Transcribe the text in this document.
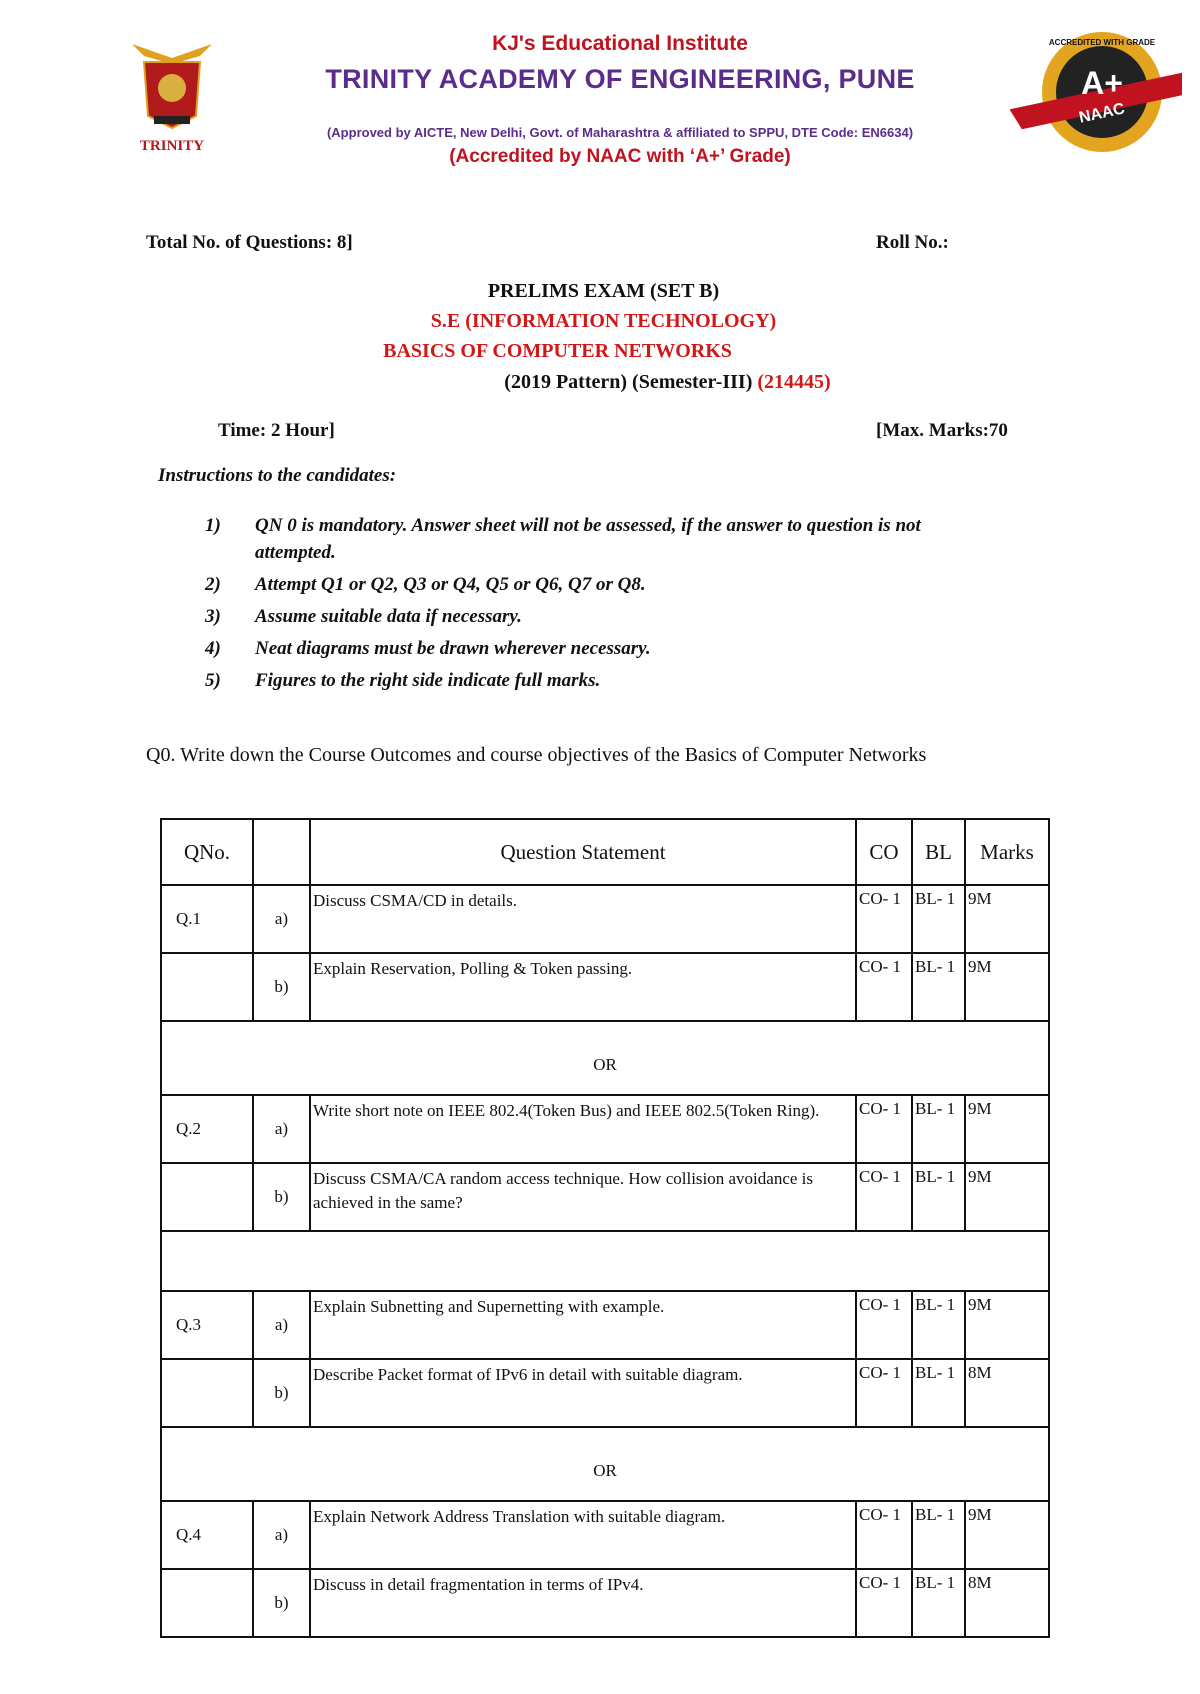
TRINITY
KJ's Educational Institute
TRINITY ACADEMY OF ENGINEERING, PUNE
(Approved by AICTE, New Delhi, Govt. of Maharashtra & affiliated to SPPU, DTE Code: EN6634)
(Accredited by NAAC with ‘A+’ Grade)
A+
NAAC
ACCREDITED WITH GRADE
Total No. of Questions: 8]	Roll No.:
PRELIMS EXAM (SET B)
S.E (INFORMATION TECHNOLOGY)
BASICS OF COMPUTER NETWORKS
(2019 Pattern) (Semester-III) (214445)
Time: 2 Hour]	[Max. Marks:70
Instructions to the candidates:
1)	QN 0 is mandatory. Answer sheet will not be assessed, if the answer to question is not attempted.
2)	Attempt Q1 or Q2, Q3 or Q4, Q5 or Q6, Q7 or Q8.
3)	Assume suitable data if necessary.
4)	Neat diagrams must be drawn wherever necessary.
5)	Figures to the right side indicate full marks.
Q0. Write down the Course Outcomes and course objectives of the Basics of Computer Networks
QNo.		Question Statement	CO	BL	Marks
Q.1	a)	Discuss CSMA/CD in details.	CO- 1	BL- 1	9M
	b)	Explain Reservation, Polling & Token passing.	CO- 1	BL- 1	9M
OR					
Q.2	a)	Write short note on IEEE 802.4(Token Bus) and IEEE 802.5(Token Ring).	CO- 1	BL- 1	9M
	b)	Discuss CSMA/CA random access technique. How collision avoidance is achieved in the same?	CO- 1	BL- 1	9M

Q.3	a)	Explain Subnetting and Supernetting with example.	CO- 1	BL- 1	9M
	b)	Describe Packet format of IPv6 in detail with suitable diagram.	CO- 1	BL- 1	8M
OR					
Q.4	a)	Explain Network Address Translation with suitable diagram.	CO- 1	BL- 1	9M
	b)	Discuss in detail fragmentation in terms of IPv4.	CO- 1	BL- 1	8M
